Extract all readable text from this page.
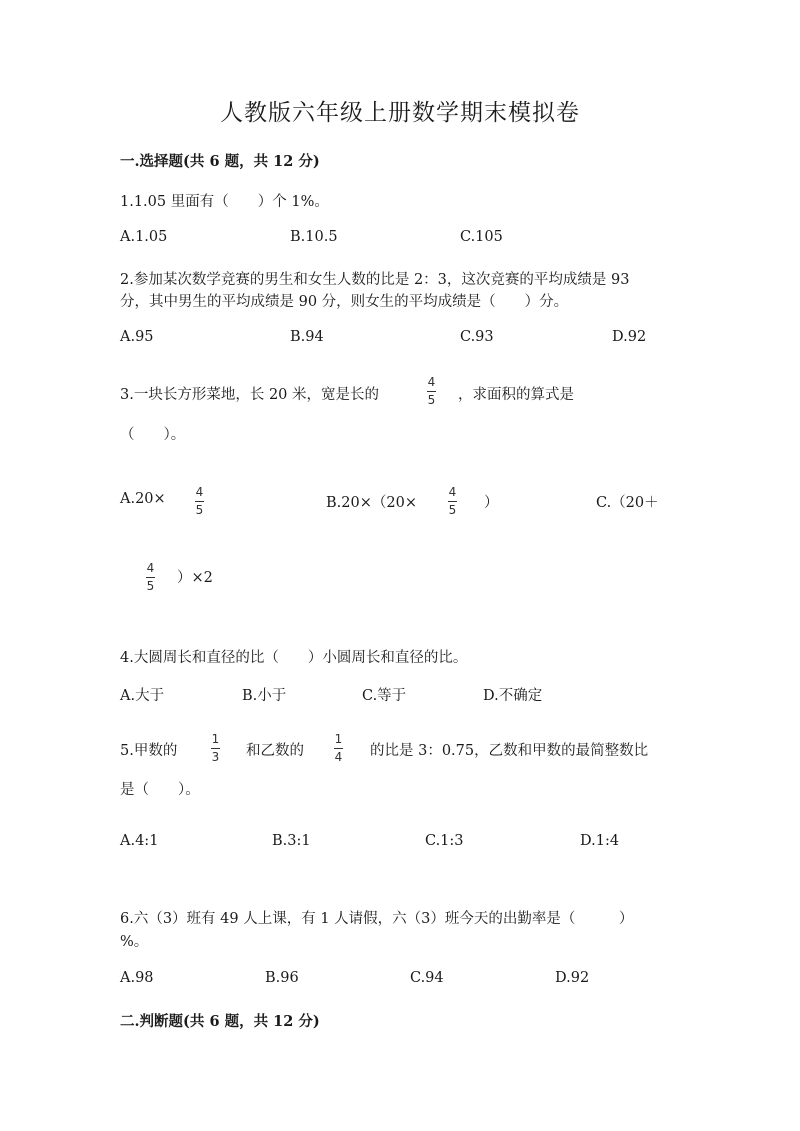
人教版六年级上册数学期末模拟卷
一.选择题(共 6 题，共 12 分)
1.1.05 里面有（　　）个 1%。
A.1.05	B.10.5	C.105
2.参加某次数学竞赛的男生和女生人数的比是 2：3，这次竞赛的平均成绩是 93
分，其中男生的平均成绩是 90 分，则女生的平均成绩是（　　）分。
A.95	B.94	C.93	D.92
3.一块长方形菜地，长 20 米，宽是长的
4
5 ，求面积的算式是
（　　）。
A.20× 4
5	B.20×（20×
4
5 ）	C.（20＋
4
5 ）×2
4.大圆周长和直径的比（　　）小圆周长和直径的比。
A.大于	B.小于	C.等于	D.不确定
5.甲数的
1
3 和乙数的
1
4 的比是 3：0.75，乙数和甲数的最简整数比
是（　　）。
A.4:1	B.3:1	C.1:3	D.1:4
6.六（3）班有 49 人上课，有 1 人请假，六（3）班今天的出勤率是（　　　）
%。
A.98	B.96	C.94	D.92
二.判断题(共 6 题，共 12 分)
